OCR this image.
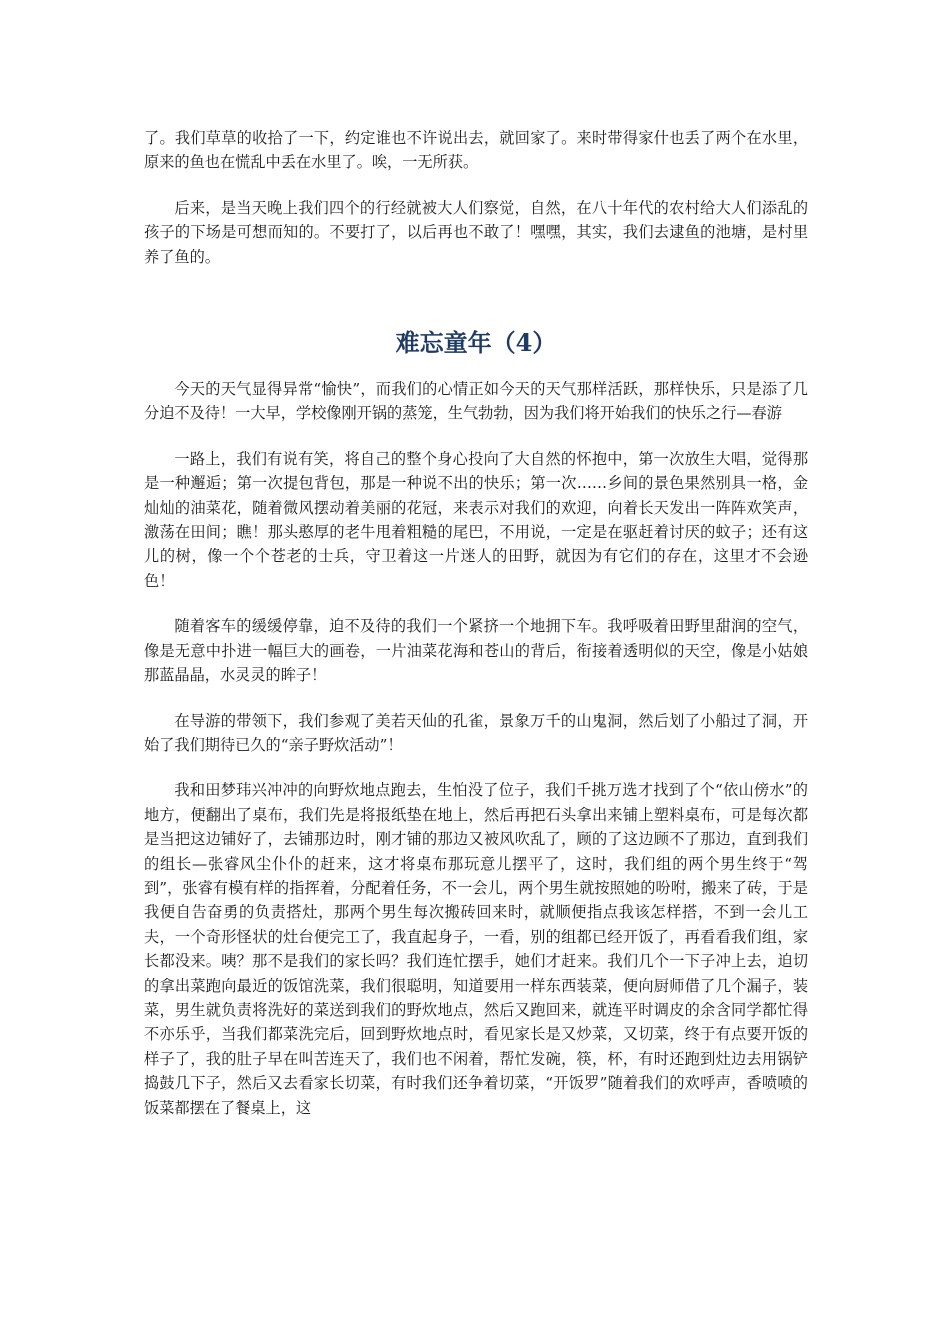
了。我们草草的收拾了一下，约定谁也不许说出去，就回家了。来时带得家什也丢了两个在水里，原来的鱼也在慌乱中丢在水里了。唉，一无所获。

后来，是当天晚上我们四个的行经就被大人们察觉，自然，在八十年代的农村给大人们添乱的孩子的下场是可想而知的。不要打了，以后再也不敢了！嘿嘿，其实，我们去逮鱼的池塘，是村里养了鱼的。

难忘童年（4）

今天的天气显得异常“愉快”，而我们的心情正如今天的天气那样活跃，那样快乐，只是添了几分迫不及待！一大早，学校像刚开锅的蒸笼，生气勃勃，因为我们将开始我们的快乐之行—春游

一路上，我们有说有笑，将自己的整个身心投向了大自然的怀抱中，第一次放生大唱，觉得那是一种邂逅；第一次提包背包，那是一种说不出的快乐；第一次……乡间的景色果然别具一格，金灿灿的油菜花，随着微风摆动着美丽的花冠，来表示对我们的欢迎，向着长天发出一阵阵欢笑声，激荡在田间；瞧！那头憨厚的老牛甩着粗糙的尾巴，不用说，一定是在驱赶着讨厌的蚊子；还有这儿的树，像一个个苍老的士兵，守卫着这一片迷人的田野，就因为有它们的存在，这里才不会逊色！

随着客车的缓缓停靠，迫不及待的我们一个紧挤一个地拥下车。我呼吸着田野里甜润的空气，像是无意中扑进一幅巨大的画卷，一片油菜花海和苍山的背后，衔接着透明似的天空，像是小姑娘那蓝晶晶，水灵灵的眸子！

在导游的带领下，我们参观了美若天仙的孔雀，景象万千的山鬼洞，然后划了小船过了洞，开始了我们期待已久的“亲子野炊活动”！

我和田梦玮兴冲冲的向野炊地点跑去，生怕没了位子，我们千挑万选才找到了个“依山傍水”的地方，便翻出了桌布，我们先是将报纸垫在地上，然后再把石头拿出来铺上塑料桌布，可是每次都是当把这边铺好了，去铺那边时，刚才铺的那边又被风吹乱了，顾的了这边顾不了那边，直到我们的组长—张睿风尘仆仆的赶来，这才将桌布那玩意儿摆平了，这时，我们组的两个男生终于“驾到”，张睿有模有样的指挥着，分配着任务，不一会儿，两个男生就按照她的吩咐，搬来了砖，于是我便自告奋勇的负责搭灶，那两个男生每次搬砖回来时，就顺便指点我该怎样搭，不到一会儿工夫，一个奇形怪状的灶台便完工了，我直起身子，一看，别的组都已经开饭了，再看看我们组，家长都没来。咦？那不是我们的家长吗？我们连忙摆手，她们才赶来。我们几个一下子冲上去，迫切的拿出菜跑向最近的饭馆洗菜，我们很聪明，知道要用一样东西装菜，便向厨师借了几个漏子，装菜，男生就负责将洗好的菜送到我们的野炊地点，然后又跑回来，就连平时调皮的余含同学都忙得不亦乐乎，当我们都菜洗完后，回到野炊地点时，看见家长是又炒菜，又切菜，终于有点要开饭的样子了，我的肚子早在叫苦连天了，我们也不闲着，帮忙发碗，筷，杯，有时还跑到灶边去用锅铲捣鼓几下子，然后又去看家长切菜，有时我们还争着切菜，“开饭罗”随着我们的欢呼声，香喷喷的饭菜都摆在了餐桌上，这
